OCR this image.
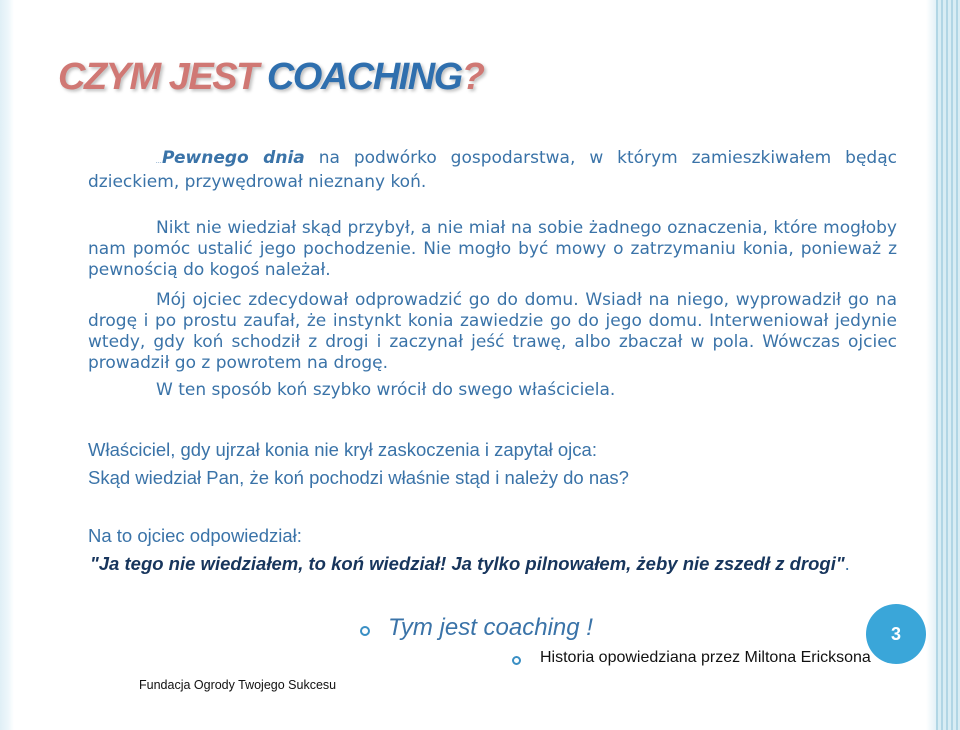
CZYM JEST COACHING?

…Pewnego dnia na podwórko gospodarstwa, w którym zamieszkiwałem będąc dzieckiem, przywędrował nieznany koń.

Nikt nie wiedział skąd przybył, a nie miał na sobie żadnego oznaczenia, które mogłoby nam pomóc ustalić jego pochodzenie. Nie mogło być mowy o zatrzymaniu konia, ponieważ z pewnością do kogoś należał.

Mój ojciec zdecydował odprowadzić go do domu. Wsiadł na niego, wyprowadził go na drogę i po prostu zaufał, że instynkt konia zawiedzie go do jego domu. Interweniował jedynie wtedy, gdy koń schodził z drogi i zaczynał jeść trawę, albo zbaczał w pola. Wówczas ojciec prowadził go z powrotem na drogę.

W ten sposób koń szybko wrócił do swego właściciela.

Właściciel, gdy ujrzał konia nie krył zaskoczenia i zapytał ojca:

Skąd wiedział Pan, że koń pochodzi właśnie stąd i należy do nas?

Na to ojciec odpowiedział:

"Ja tego nie wiedziałem, to koń wiedział! Ja tylko pilnowałem, żeby nie zszedł z drogi".

Tym jest coaching !

Historia opowiedziana przez Miltona Ericksona

3

Fundacja Ogrody Twojego Sukcesu
